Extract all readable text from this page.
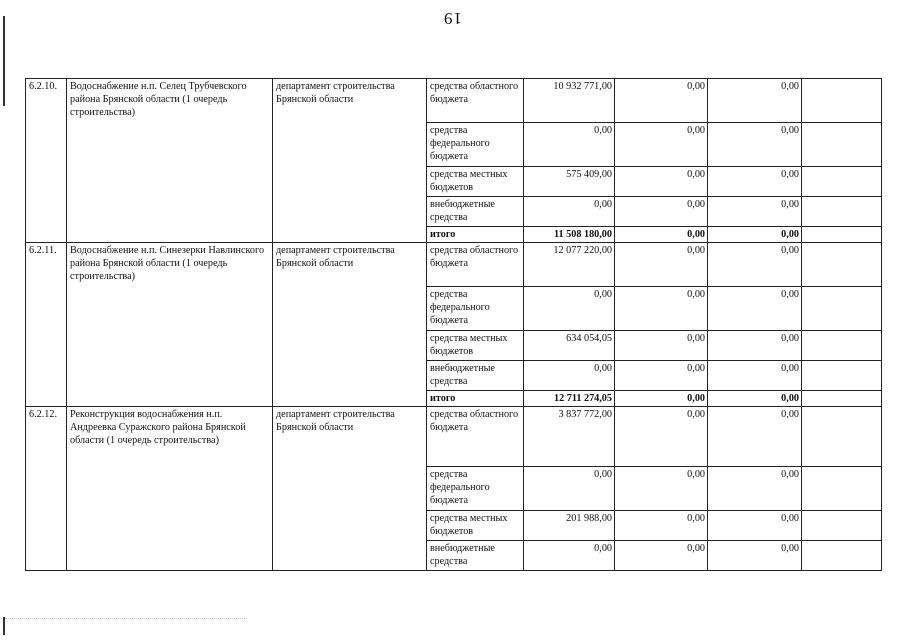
19
6.2.10.	Водоснабжение н.п. Селец Трубчевского района Брянской области (1 очередь строительства)	департамент строительства Брянской области	средства областного бюджета	10 932 771,00	0,00	0,00	
			средства федерального бюджета	0,00	0,00	0,00	
			средства местных бюджетов	575 409,00	0,00	0,00	
			внебюджетные средства	0,00	0,00	0,00	
			итого	11 508 180,00	0,00	0,00	
6.2.11.	Водоснабжение н.п. Синезерки Навлинского района Брянской области (1 очередь строительства)	департамент строительства Брянской области	средства областного бюджета	12 077 220,00	0,00	0,00	
			средства федерального бюджета	0,00	0,00	0,00	
			средства местных бюджетов	634 054,05	0,00	0,00	
			внебюджетные средства	0,00	0,00	0,00	
			итого	12 711 274,05	0,00	0,00	
6.2.12.	Реконструкция водоснабжения н.п. Андреевка Суражского района Брянской области (1 очередь строительства)	департамент строительства Брянской области	средства областного бюджета	3 837 772,00	0,00	0,00	
			средства федерального бюджета	0,00	0,00	0,00	
			средства местных бюджетов	201 988,00	0,00	0,00	
			внебюджетные средства	0,00	0,00	0,00	
